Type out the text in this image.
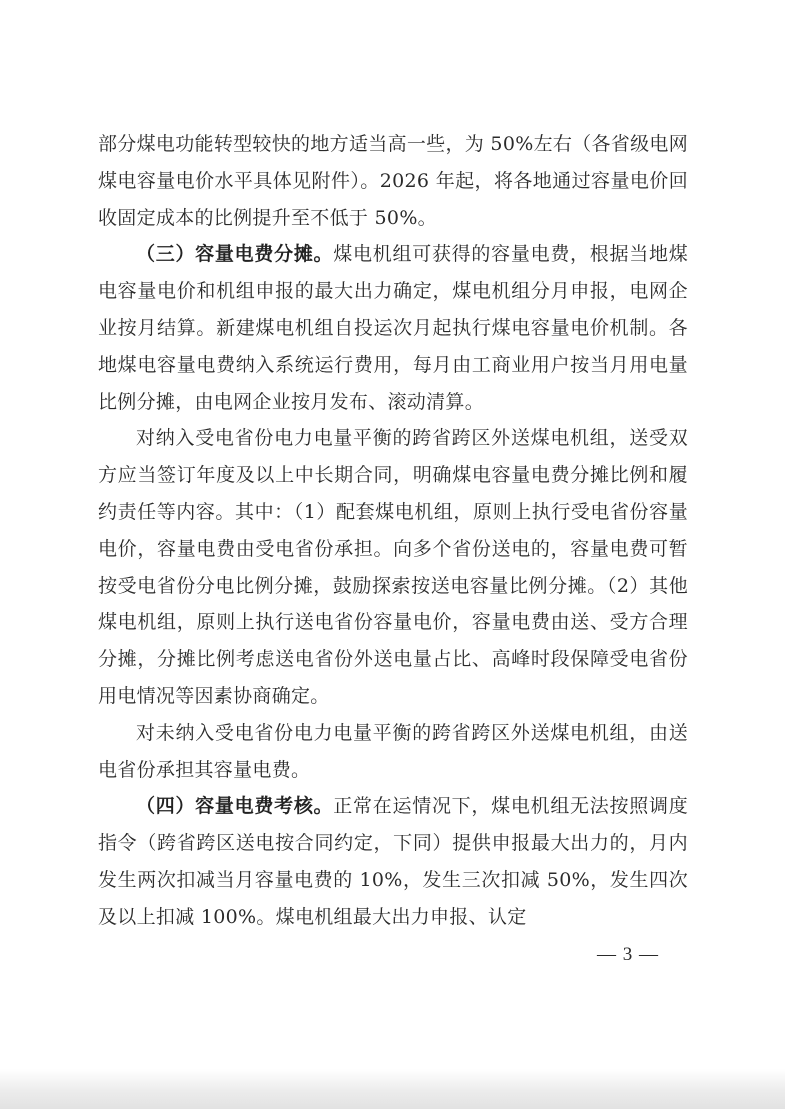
部分煤电功能转型较快的地方适当高一些，为 50%左右（各省级电网煤电容量电价水平具体见附件）。2026 年起，将各地通过容量电价回收固定成本的比例提升至不低于 50%。

（三）容量电费分摊。煤电机组可获得的容量电费，根据当地煤电容量电价和机组申报的最大出力确定，煤电机组分月申报，电网企业按月结算。新建煤电机组自投运次月起执行煤电容量电价机制。各地煤电容量电费纳入系统运行费用，每月由工商业用户按当月用电量比例分摊，由电网企业按月发布、滚动清算。

对纳入受电省份电力电量平衡的跨省跨区外送煤电机组，送受双方应当签订年度及以上中长期合同，明确煤电容量电费分摊比例和履约责任等内容。其中：（1）配套煤电机组，原则上执行受电省份容量电价，容量电费由受电省份承担。向多个省份送电的，容量电费可暂按受电省份分电比例分摊，鼓励探索按送电容量比例分摊。（2）其他煤电机组，原则上执行送电省份容量电价，容量电费由送、受方合理分摊，分摊比例考虑送电省份外送电量占比、高峰时段保障受电省份用电情况等因素协商确定。

对未纳入受电省份电力电量平衡的跨省跨区外送煤电机组，由送电省份承担其容量电费。

（四）容量电费考核。正常在运情况下，煤电机组无法按照调度指令（跨省跨区送电按合同约定，下同）提供申报最大出力的，月内发生两次扣减当月容量电费的 10%，发生三次扣减 50%，发生四次及以上扣减 100%。煤电机组最大出力申报、认定

— 3 —
